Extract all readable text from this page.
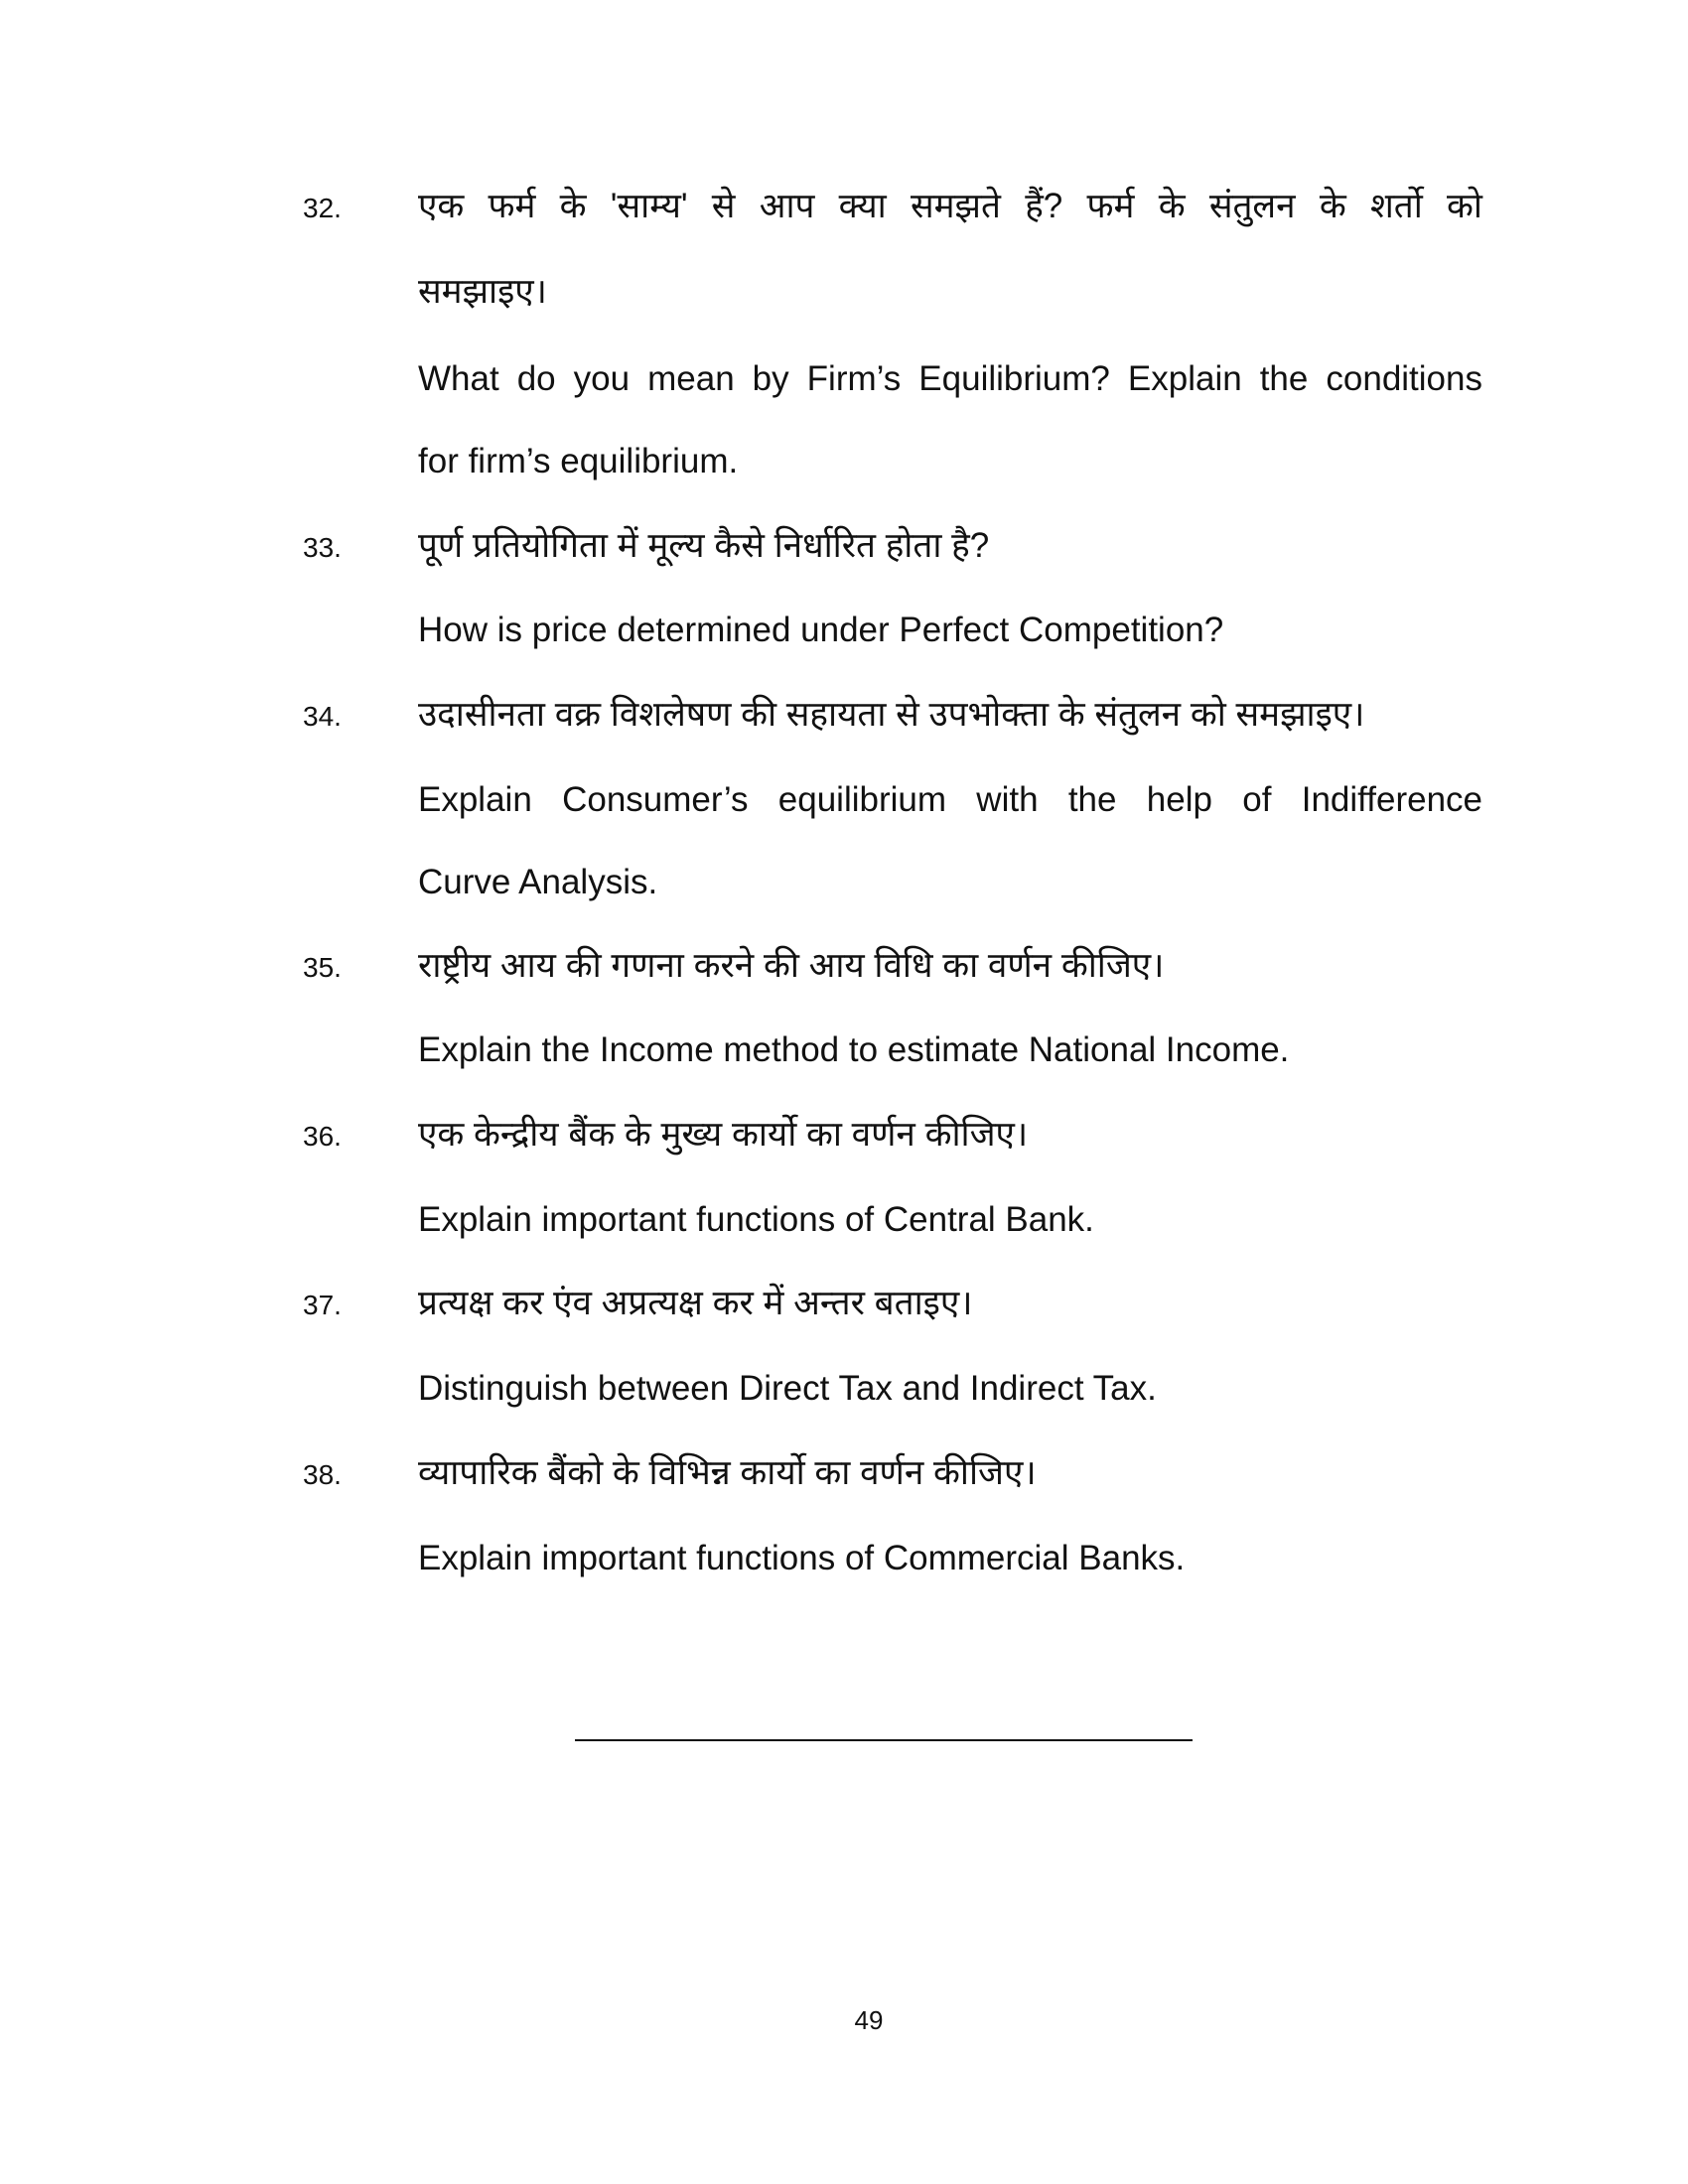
32. एक फर्म के 'साम्य' से आप क्या समझते हैं? फर्म के संतुलन के शर्तो को
समझाइए।
What do you mean by Firm’s Equilibrium? Explain the conditions
for firm’s equilibrium.
33. पूर्ण प्रतियोगिता में मूल्य कैसे निर्धारित होता है?
How is price determined under Perfect Competition?
34. उदासीनता वक्र विशलेषण की सहायता से उपभोक्ता के संतुलन को समझाइए।
Explain Consumer’s equilibrium with the help of Indifference
Curve Analysis.
35. राष्ट्रीय आय की गणना करने की आय विधि का वर्णन कीजिए।
Explain the Income method to estimate National Income.
36. एक केन्द्रीय बैंक के मुख्य कार्यो का वर्णन कीजिए।
Explain important functions of Central Bank.
37. प्रत्यक्ष कर एंव अप्रत्यक्ष कर में अन्तर बताइए।
Distinguish between Direct Tax and Indirect Tax.
38. व्यापारिक बैंको के विभिन्न कार्यो का वर्णन कीजिए।
Explain important functions of Commercial Banks.
49
